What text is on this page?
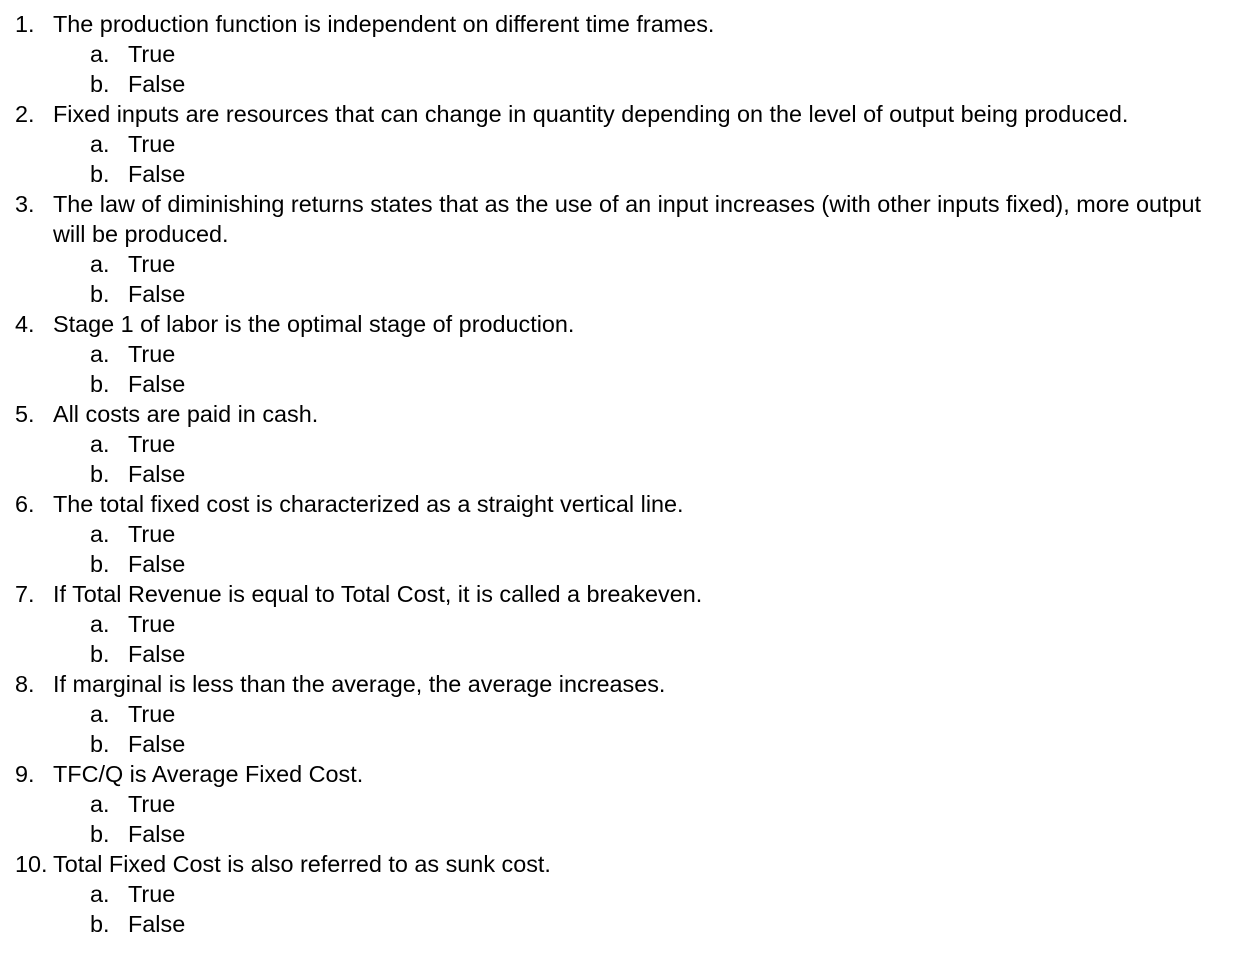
1. The production function is independent on different time frames.
a. True
b. False
2. Fixed inputs are resources that can change in quantity depending on the level of output being produced.
a. True
b. False
3. The law of diminishing returns states that as the use of an input increases (with other inputs fixed), more output will be produced.
a. True
b. False
4. Stage 1 of labor is the optimal stage of production.
a. True
b. False
5. All costs are paid in cash.
a. True
b. False
6. The total fixed cost is characterized as a straight vertical line.
a. True
b. False
7. If Total Revenue is equal to Total Cost, it is called a breakeven.
a. True
b. False
8. If marginal is less than the average, the average increases.
a. True
b. False
9. TFC/Q is Average Fixed Cost.
a. True
b. False
10. Total Fixed Cost is also referred to as sunk cost.
a. True
b. False
